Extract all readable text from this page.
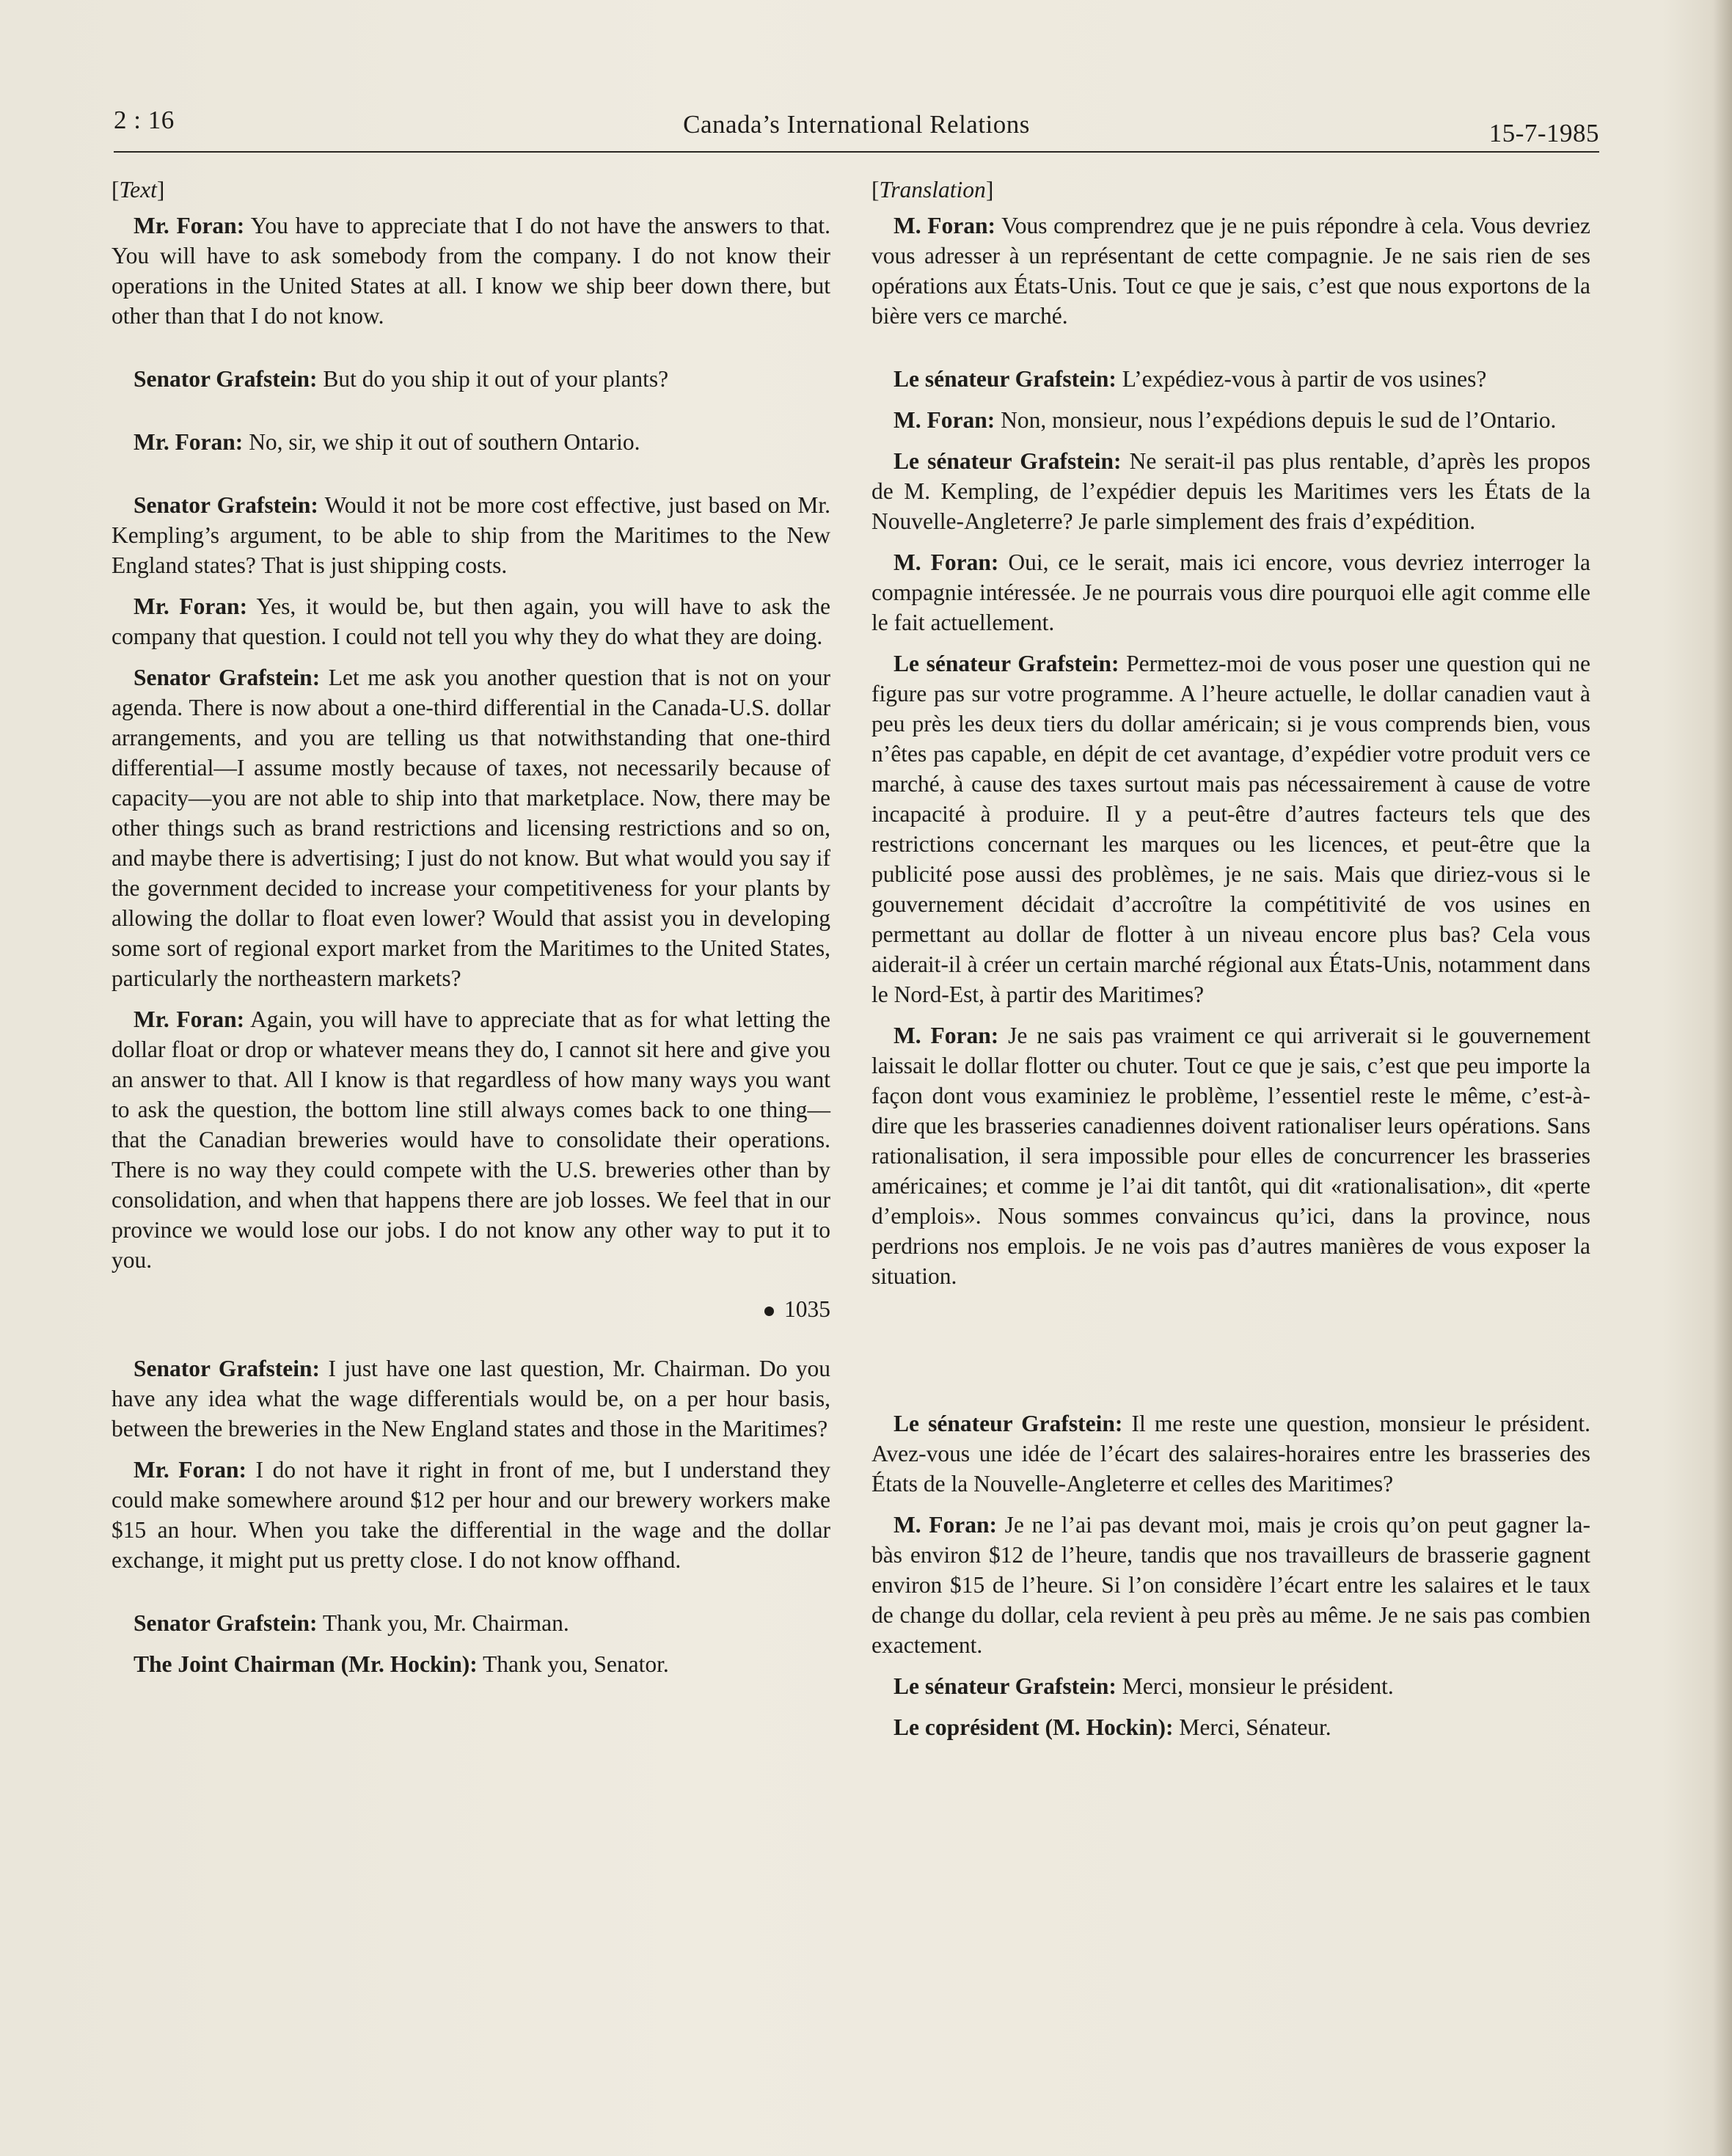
2 : 16	Canada’s International Relations	15-7-1985

[Text]

Mr. Foran: You have to appreciate that I do not have the answers to that. You will have to ask somebody from the company. I do not know their operations in the United States at all. I know we ship beer down there, but other than that I do not know.

Senator Grafstein: But do you ship it out of your plants?

Mr. Foran: No, sir, we ship it out of southern Ontario.

Senator Grafstein: Would it not be more cost effective, just based on Mr. Kempling’s argument, to be able to ship from the Maritimes to the New England states? That is just shipping costs.

Mr. Foran: Yes, it would be, but then again, you will have to ask the company that question. I could not tell you why they do what they are doing.

Senator Grafstein: Let me ask you another question that is not on your agenda. There is now about a one-third differential in the Canada-U.S. dollar arrangements, and you are telling us that notwithstanding that one-third differential—I assume mostly because of taxes, not necessarily because of capacity—you are not able to ship into that marketplace. Now, there may be other things such as brand restrictions and licensing restrictions and so on, and maybe there is advertising; I just do not know. But what would you say if the government decided to increase your competitiveness for your plants by allowing the dollar to float even lower? Would that assist you in developing some sort of regional export market from the Maritimes to the United States, particularly the northeastern markets?

Mr. Foran: Again, you will have to appreciate that as for what letting the dollar float or drop or whatever means they do, I cannot sit here and give you an answer to that. All I know is that regardless of how many ways you want to ask the question, the bottom line still always comes back to one thing—that the Canadian breweries would have to consolidate their operations. There is no way they could compete with the U.S. breweries other than by consolidation, and when that happens there are job losses. We feel that in our province we would lose our jobs. I do not know any other way to put it to you.

1035

Senator Grafstein: I just have one last question, Mr. Chairman. Do you have any idea what the wage differentials would be, on a per hour basis, between the breweries in the New England states and those in the Maritimes?

Mr. Foran: I do not have it right in front of me, but I understand they could make somewhere around $12 per hour and our brewery workers make $15 an hour. When you take the differential in the wage and the dollar exchange, it might put us pretty close. I do not know offhand.

Senator Grafstein: Thank you, Mr. Chairman.

The Joint Chairman (Mr. Hockin): Thank you, Senator.

[Translation]

M. Foran: Vous comprendrez que je ne puis répondre à cela. Vous devriez vous adresser à un représentant de cette compagnie. Je ne sais rien de ses opérations aux États-Unis. Tout ce que je sais, c’est que nous exportons de la bière vers ce marché.

Le sénateur Grafstein: L’expédiez-vous à partir de vos usines?

M. Foran: Non, monsieur, nous l’expédions depuis le sud de l’Ontario.

Le sénateur Grafstein: Ne serait-il pas plus rentable, d’après les propos de M. Kempling, de l’expédier depuis les Maritimes vers les États de la Nouvelle-Angleterre? Je parle simplement des frais d’expédition.

M. Foran: Oui, ce le serait, mais ici encore, vous devriez interroger la compagnie intéressée. Je ne pourrais vous dire pourquoi elle agit comme elle le fait actuellement.

Le sénateur Grafstein: Permettez-moi de vous poser une question qui ne figure pas sur votre programme. A l’heure actuelle, le dollar canadien vaut à peu près les deux tiers du dollar américain; si je vous comprends bien, vous n’êtes pas capable, en dépit de cet avantage, d’expédier votre produit vers ce marché, à cause des taxes surtout mais pas nécessairement à cause de votre incapacité à produire. Il y a peut-être d’autres facteurs tels que des restrictions concernant les marques ou les licences, et peut-être que la publicité pose aussi des problèmes, je ne sais. Mais que diriez-vous si le gouvernement décidait d’accroître la compétitivité de vos usines en permettant au dollar de flotter à un niveau encore plus bas? Cela vous aiderait-il à créer un certain marché régional aux États-Unis, notamment dans le Nord-Est, à partir des Maritimes?

M. Foran: Je ne sais pas vraiment ce qui arriverait si le gouvernement laissait le dollar flotter ou chuter. Tout ce que je sais, c’est que peu importe la façon dont vous examiniez le problème, l’essentiel reste le même, c’est-à-dire que les brasseries canadiennes doivent rationaliser leurs opérations. Sans rationalisation, il sera impossible pour elles de concurrencer les brasseries américaines; et comme je l’ai dit tantôt, qui dit «rationalisation», dit «perte d’emplois». Nous sommes convaincus qu’ici, dans la province, nous perdrions nos emplois. Je ne vois pas d’autres manières de vous exposer la situation.

Le sénateur Grafstein: Il me reste une question, monsieur le président. Avez-vous une idée de l’écart des salaires-horaires entre les brasseries des États de la Nouvelle-Angleterre et celles des Maritimes?

M. Foran: Je ne l’ai pas devant moi, mais je crois qu’on peut gagner la-bàs environ $12 de l’heure, tandis que nos travailleurs de brasserie gagnent environ $15 de l’heure. Si l’on considère l’écart entre les salaires et le taux de change du dollar, cela revient à peu près au même. Je ne sais pas combien exactement.

Le sénateur Grafstein: Merci, monsieur le président.

Le coprésident (M. Hockin): Merci, Sénateur.
